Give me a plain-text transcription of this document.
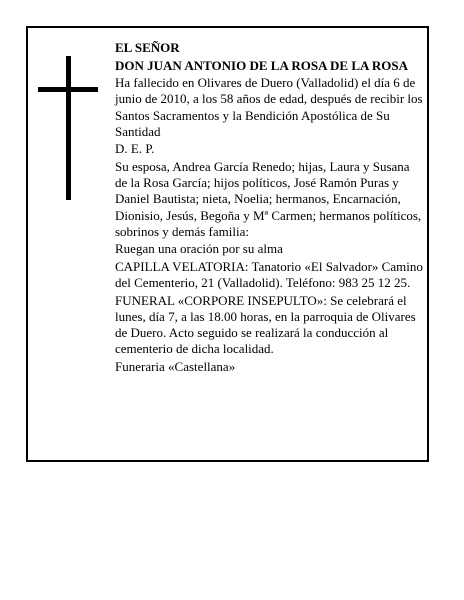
EL SEÑOR

DON JUAN ANTONIO DE LA ROSA DE LA ROSA

Ha fallecido en Olivares de Duero (Valladolid) el día 6 de junio de 2010, a los 58 años de edad, después de recibir los Santos Sacramentos y la Bendición Apostólica de Su Santidad

D. E. P.

Su esposa, Andrea García Renedo; hijas, Laura y Susana de la Rosa García; hijos políticos, José Ramón Puras y Daniel Bautista; nieta, Noelia; hermanos, Encarnación, Dionisio, Jesús, Begoña y Mª Carmen; hermanos políticos, sobrinos y demás familia:

Ruegan una oración por su alma

CAPILLA VELATORIA: Tanatorio «El Salvador» Camino del Cementerio, 21 (Valladolid). Teléfono: 983 25 12 25.

FUNERAL «CORPORE INSEPULTO»: Se celebrará el lunes, día 7, a las 18.00 horas, en la parroquia de Olivares de Duero. Acto seguido se realizará la conducción al cementerio de dicha localidad.

Funeraria «Castellana»
